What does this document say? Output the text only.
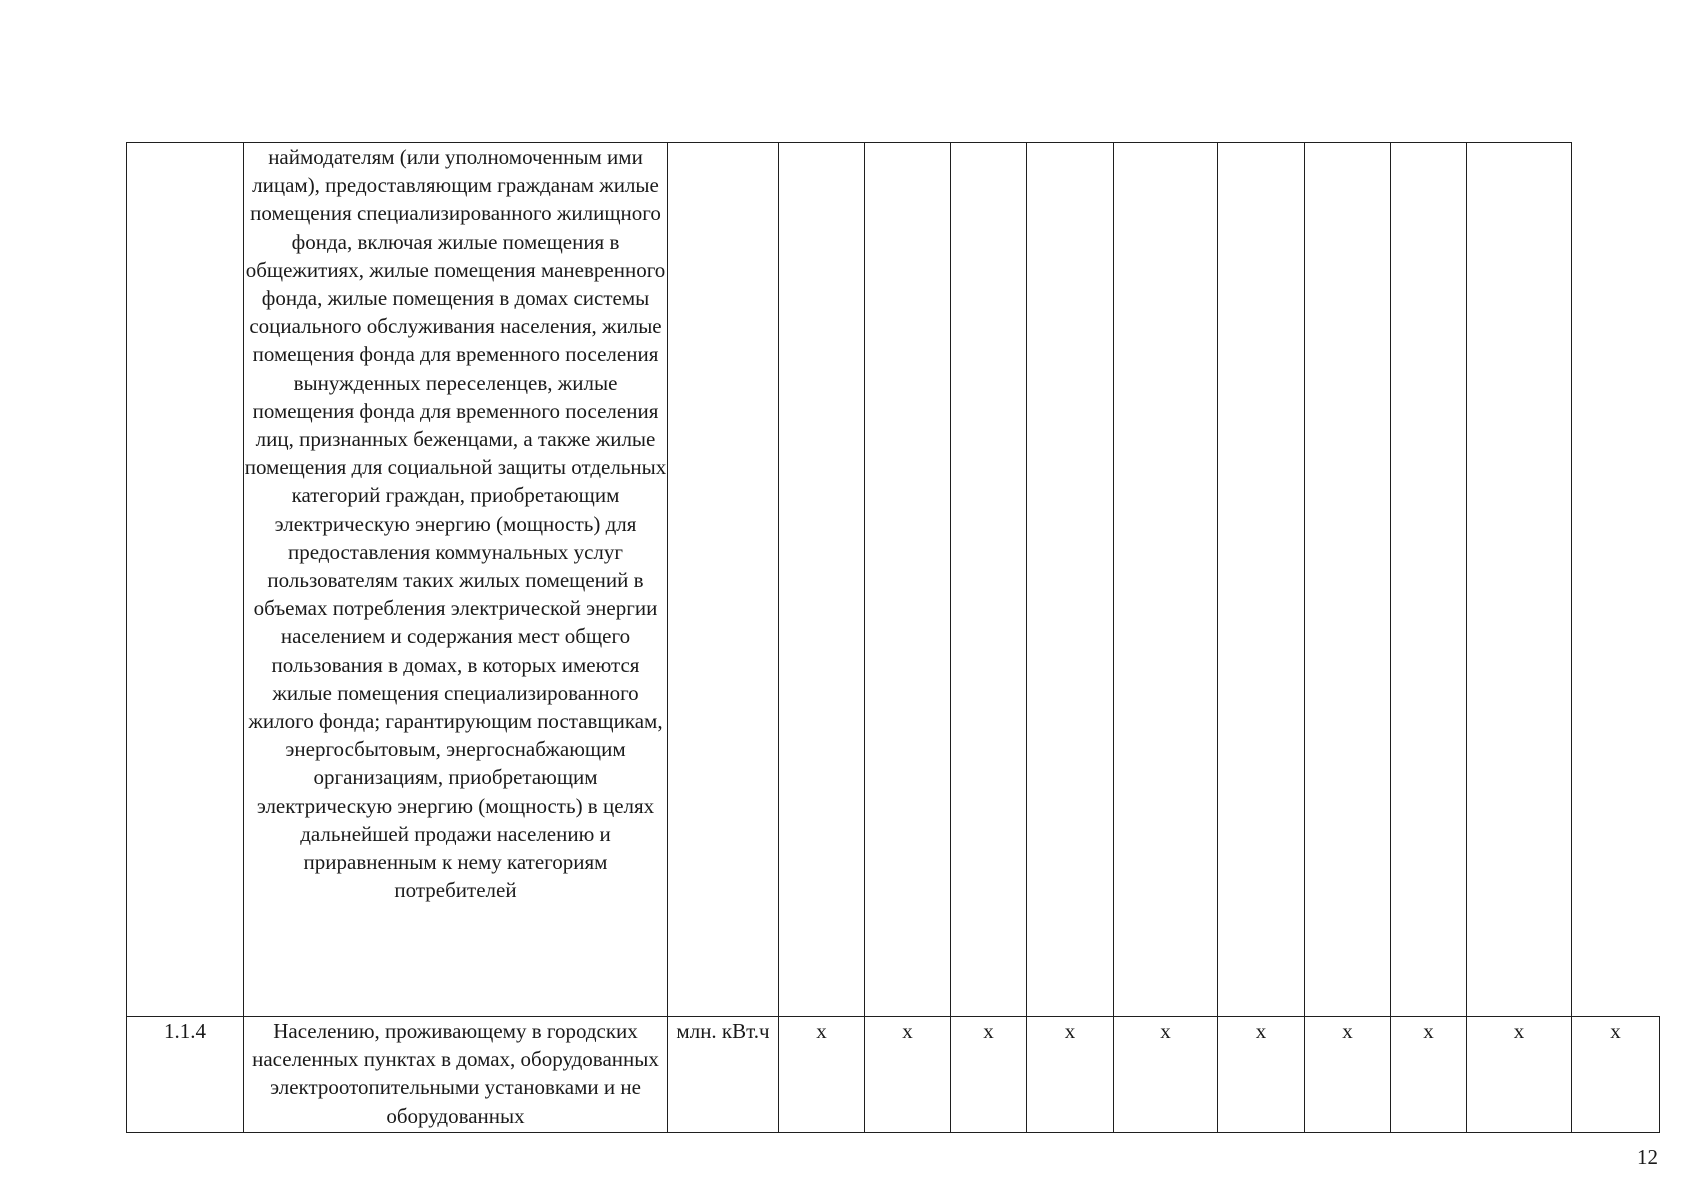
	наймодателям (или уполномоченным ими лицам), предоставляющим гражданам жилые помещения специализированного жилищного фонда, включая жилые помещения в общежитиях, жилые помещения маневренного фонда, жилые помещения в домах системы социального обслуживания населения, жилые помещения фонда для временного поселения вынужденных переселенцев, жилые помещения фонда для временного поселения лиц, признанных беженцами, а также жилые помещения для социальной защиты отдельных категорий граждан, приобретающим электрическую энергию (мощность) для предоставления коммунальных услуг пользователям таких жилых помещений в объемах потребления электрической энергии населением и содержания мест общего пользования в домах, в которых имеются жилые помещения специализированного жилого фонда; гарантирующим поставщикам, энергосбытовым, энергоснабжающим организациям, приобретающим электрическую энергию (мощность) в целях дальнейшей продажи населению и приравненным к нему категориям потребителей											
1.1.4	Населению, проживающему в городских населенных пунктах в домах, оборудованных электроотопительными установками и не оборудованных	млн. кВт.ч	x	x	x	x	x	x	x	x	x	x
12
